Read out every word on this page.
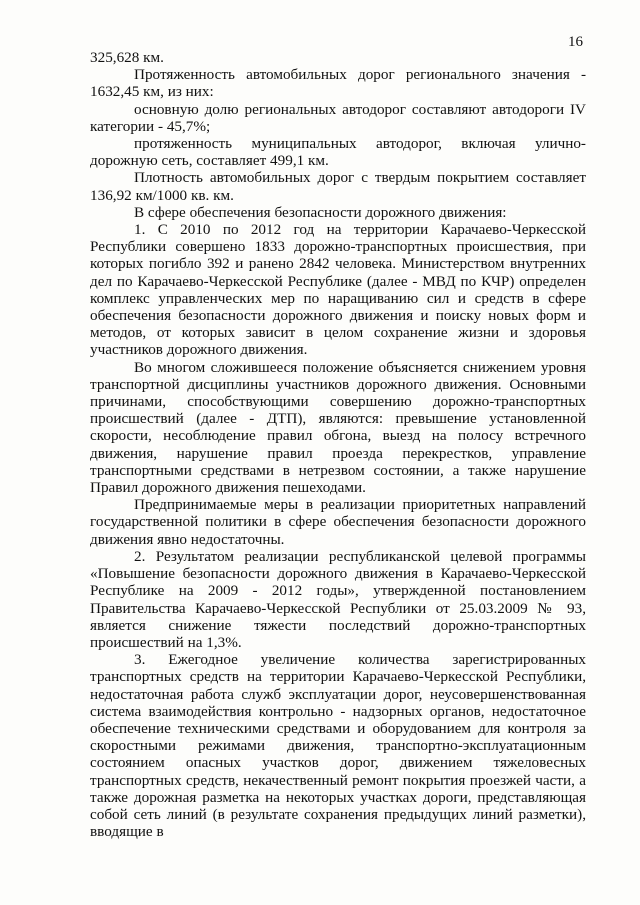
16

325,628 км.

Протяженность автомобильных дорог регионального значения - 1632,45 км, из них:

основную долю региональных автодорог составляют автодороги IV категории - 45,7%;

протяженность муниципальных автодорог, включая улично-дорожную сеть, составляет 499,1 км.

Плотность автомобильных дорог с твердым покрытием составляет 136,92 км/1000 кв. км.

В сфере обеспечения безопасности дорожного движения:

1. С 2010 по 2012 год на территории Карачаево-Черкесской Республики совершено 1833 дорожно-транспортных происшествия, при которых погибло 392 и ранено 2842 человека. Министерством внутренних дел по Карачаево-Черкесской Республике (далее - МВД по КЧР) определен комплекс управленческих мер по наращиванию сил и средств в сфере обеспечения безопасности дорожного движения и поиску новых форм и методов, от которых зависит в целом сохранение жизни и здоровья участников дорожного движения.

Во многом сложившееся положение объясняется снижением уровня транспортной дисциплины участников дорожного движения. Основными причинами, способствующими совершению дорожно-транспортных происшествий (далее - ДТП), являются: превышение установленной скорости, несоблюдение правил обгона, выезд на полосу встречного движения, нарушение правил проезда перекрестков, управление транспортными средствами в нетрезвом состоянии, а также нарушение Правил дорожного движения пешеходами.

Предпринимаемые меры в реализации приоритетных направлений государственной политики в сфере обеспечения безопасности дорожного движения явно недостаточны.

2. Результатом реализации республиканской целевой программы «Повышение безопасности дорожного движения в Карачаево-Черкесской Республике на 2009 - 2012 годы», утвержденной постановлением Правительства Карачаево-Черкесской Республики от 25.03.2009 № 93, является снижение тяжести последствий дорожно-транспортных происшествий на 1,3%.

3. Ежегодное увеличение количества зарегистрированных транспортных средств на территории Карачаево-Черкесской Республики, недостаточная работа служб эксплуатации дорог, неусовершенствованная система взаимодействия контрольно - надзорных органов, недостаточное обеспечение техническими средствами и оборудованием для контроля за скоростными режимами движения, транспортно-эксплуатационным состоянием опасных участков дорог, движением тяжеловесных транспортных средств, некачественный ремонт покрытия проезжей части, а также дорожная разметка на некоторых участках дороги, представляющая собой сеть линий (в результате сохранения предыдущих линий разметки), вводящие в
